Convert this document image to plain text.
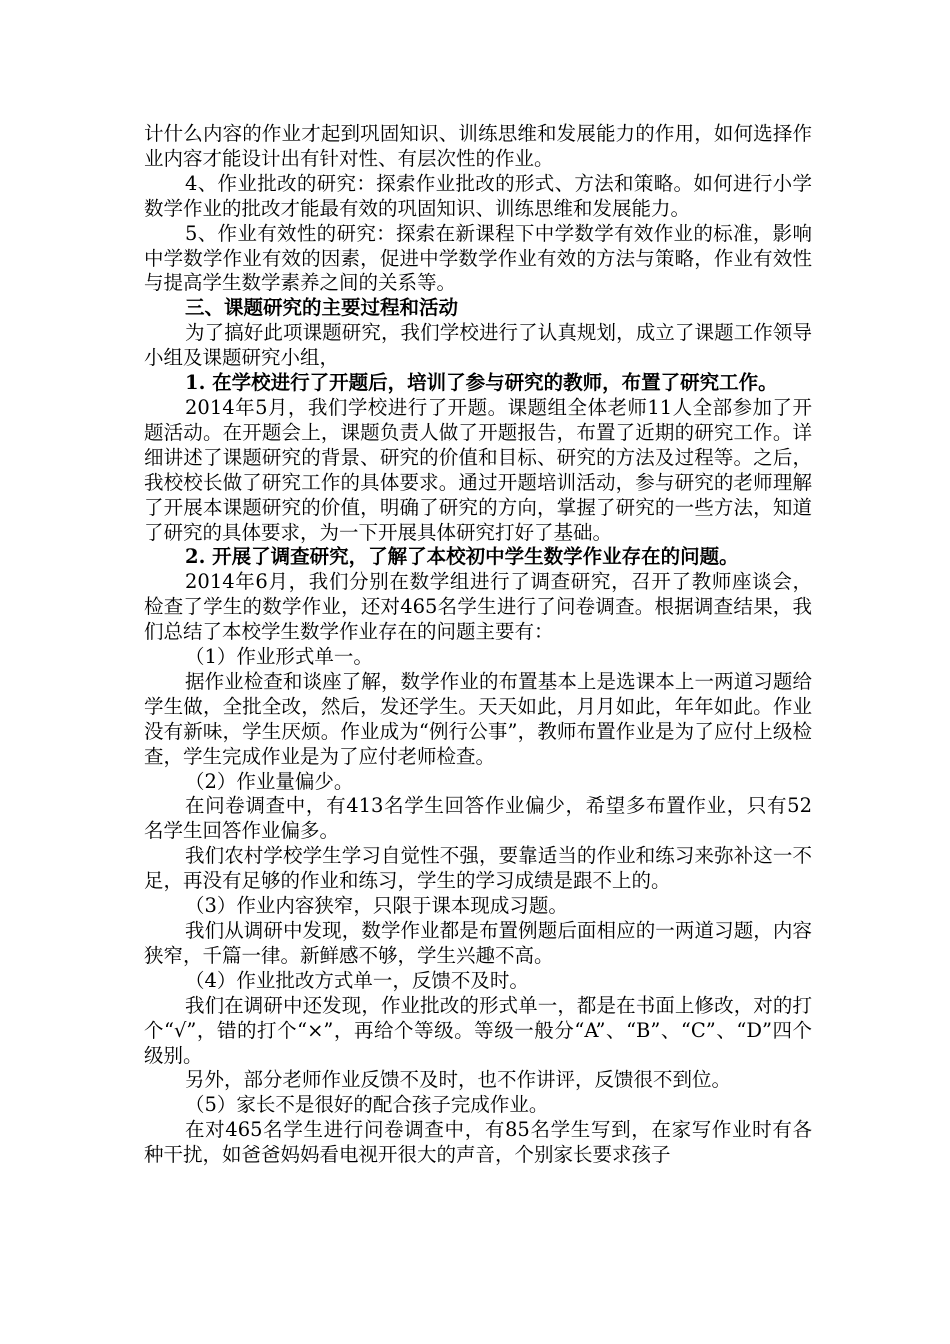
计什么内容的作业才起到巩固知识、训练思维和发展能力的作用，如何选择作业内容才能设计出有针对性、有层次性的作业。

4、作业批改的研究：探索作业批改的形式、方法和策略。如何进行小学数学作业的批改才能最有效的巩固知识、训练思维和发展能力。

5、作业有效性的研究：探索在新课程下中学数学有效作业的标准，影响中学数学作业有效的因素，促进中学数学作业有效的方法与策略，作业有效性与提高学生数学素养之间的关系等。

三、课题研究的主要过程和活动

为了搞好此项课题研究，我们学校进行了认真规划，成立了课题工作领导小组及课题研究小组，

1. 在学校进行了开题后，培训了参与研究的教师，布置了研究工作。

2014年5月，我们学校进行了开题。课题组全体老师11人全部参加了开题活动。在开题会上，课题负责人做了开题报告，布置了近期的研究工作。详细讲述了课题研究的背景、研究的价值和目标、研究的方法及过程等。之后，我校校长做了研究工作的具体要求。通过开题培训活动，参与研究的老师理解了开展本课题研究的价值，明确了研究的方向，掌握了研究的一些方法，知道了研究的具体要求，为一下开展具体研究打好了基础。

2. 开展了调查研究，了解了本校初中学生数学作业存在的问题。

2014年6月，我们分别在数学组进行了调查研究，召开了教师座谈会，检查了学生的数学作业，还对465名学生进行了问卷调查。根据调查结果，我们总结了本校学生数学作业存在的问题主要有：

（1）作业形式单一。

据作业检查和谈座了解，数学作业的布置基本上是选课本上一两道习题给学生做，全批全改，然后，发还学生。天天如此，月月如此，年年如此。作业没有新味，学生厌烦。作业成为“例行公事”，教师布置作业是为了应付上级检查，学生完成作业是为了应付老师检查。

（2）作业量偏少。

在问卷调查中，有413名学生回答作业偏少，希望多布置作业，只有52名学生回答作业偏多。

我们农村学校学生学习自觉性不强，要靠适当的作业和练习来弥补这一不足，再没有足够的作业和练习，学生的学习成绩是跟不上的。

（3）作业内容狭窄，只限于课本现成习题。

我们从调研中发现，数学作业都是布置例题后面相应的一两道习题，内容狭窄，千篇一律。新鲜感不够，学生兴趣不高。

（4）作业批改方式单一，反馈不及时。

我们在调研中还发现，作业批改的形式单一，都是在书面上修改，对的打个“√”，错的打个“×”，再给个等级。等级一般分“A”、“B”、“C”、“D”四个级别。

另外，部分老师作业反馈不及时，也不作讲评，反馈很不到位。

（5）家长不是很好的配合孩子完成作业。

在对465名学生进行问卷调查中，有85名学生写到，在家写作业时有各种干扰，如爸爸妈妈看电视开很大的声音，个别家长要求孩子
